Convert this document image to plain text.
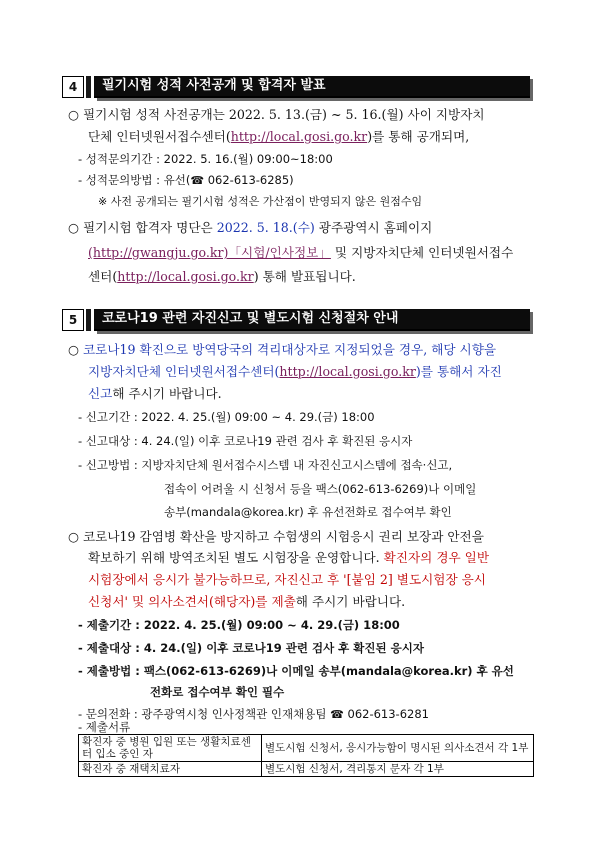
4	필기시험 성적 사전공개 및 합격자 발표
○ 필기시험 성적 사전공개는 2022. 5. 13.(금) ~ 5. 16.(월) 사이 지방자치
단체 인터넷원서접수센터(http://local.gosi.go.kr)를 통해 공개되며,
- 성적문의기간 : 2022. 5. 16.(월) 09:00~18:00
- 성적문의방법 : 유선(☎ 062-613-6285)
※ 사전 공개되는 필기시험 성적은 가산점이 반영되지 않은 원점수임
○ 필기시험 합격자 명단은 2022. 5. 18.(수) 광주광역시 홈페이지
(http://gwangju.go.kr)「시험/인사정보」 및 지방자치단체 인터넷원서접수
센터(http://local.gosi.go.kr) 통해 발표됩니다.
5	코로나19 관련 자진신고 및 별도시험 신청절차 안내
○ 코로나19 확진으로 방역당국의 격리대상자로 지정되었을 경우, 해당 시향을
지방자치단체 인터넷원서접수센터(http://local.gosi.go.kr)를 통해서 자진
신고해 주시기 바랍니다.
- 신고기간 : 2022. 4. 25.(월) 09:00 ~ 4. 29.(금) 18:00
- 신고대상 : 4. 24.(일) 이후 코로나19 관련 검사 후 확진된 응시자
- 신고방법 : 지방자치단체 원서접수시스템 내 자진신고시스템에 접속·신고,
접속이 어려울 시 신청서 등을 팩스(062-613-6269)나 이메일
송부(mandala@korea.kr) 후 유선전화로 접수여부 확인
○ 코로나19 감염병 확산을 방지하고 수험생의 시험응시 권리 보장과 안전을
확보하기 위해 방역조치된 별도 시험장을 운영합니다. 확진자의 경우 일반
시험장에서 응시가 불가능하므로, 자진신고 후 '[붙임 2] 별도시험장 응시
신청서' 및 의사소견서(해당자)를 제출해 주시기 바랍니다.
- 제출기간 : 2022. 4. 25.(월) 09:00 ~ 4. 29.(금) 18:00
- 제출대상 : 4. 24.(일) 이후 코로나19 관련 검사 후 확진된 응시자
- 제출방법 : 팩스(062-613-6269)나 이메일 송부(mandala@korea.kr) 후 유선
전화로 접수여부 확인 필수
- 문의전화 : 광주광역시청 인사정책관 인재채용팀 ☎ 062-613-6281
- 제출서류
확진자 중 병원 입원 또는 생활치료센터 입소 중인 자	별도시험 신청서, 응시가능함이 명시된 의사소견서 각 1부
확진자 중 재택치료자	별도시험 신청서, 격리통지 문자 각 1부
